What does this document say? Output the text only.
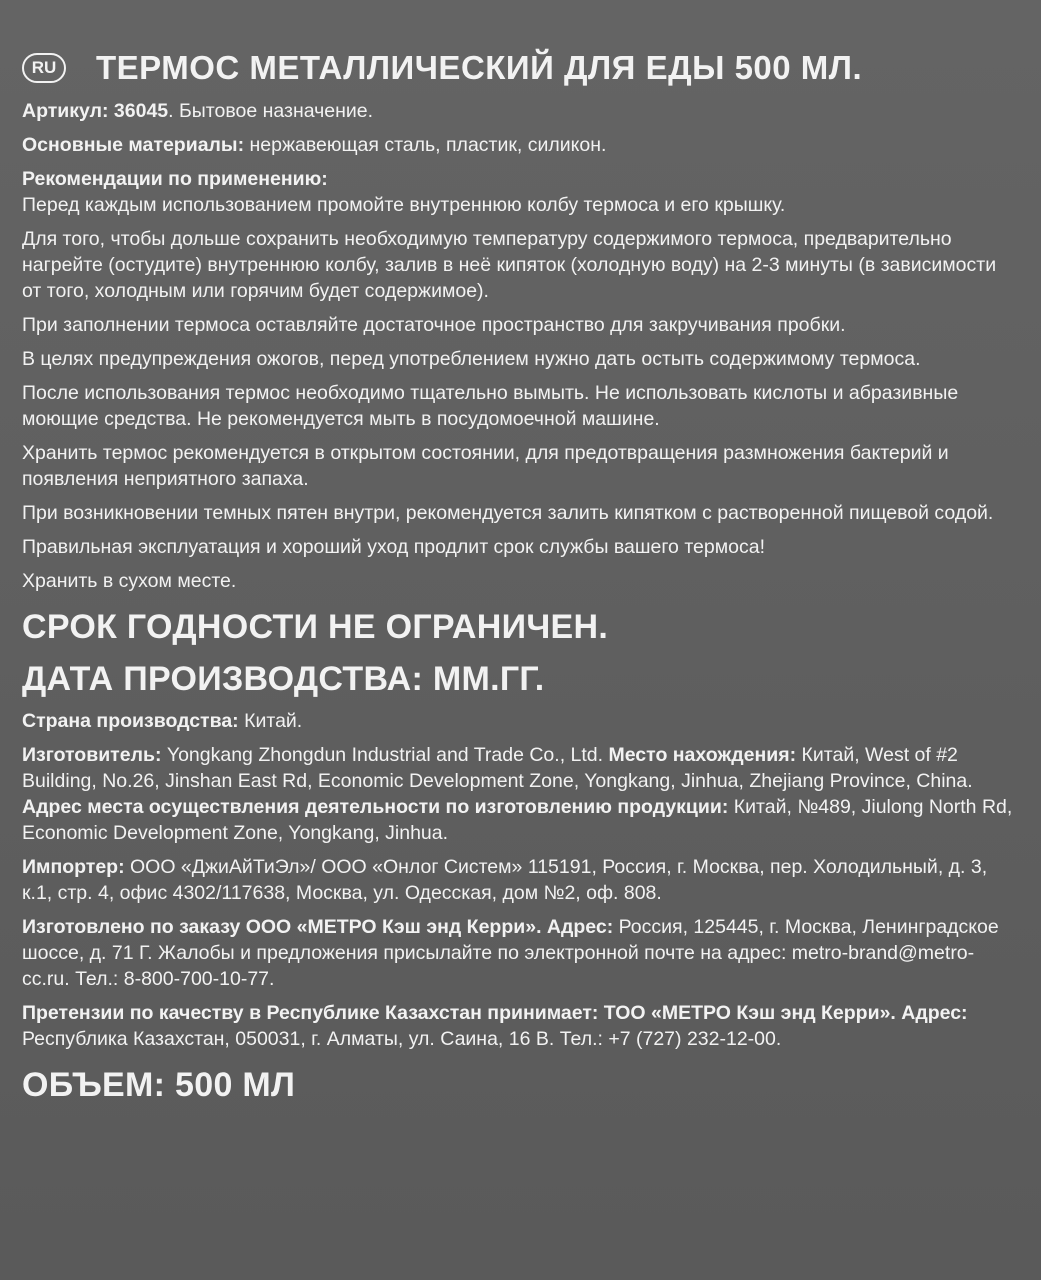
RU ТЕРМОС МЕТАЛЛИЧЕСКИЙ ДЛЯ ЕДЫ 500 МЛ.

Артикул: 36045. Бытовое назначение.

Основные материалы: нержавеющая сталь, пластик, силикон.

Рекомендации по применению:

Перед каждым использованием промойте внутреннюю колбу термоса и его крышку.

Для того, чтобы дольше сохранить необходимую температуру содержимого термоса, предварительно нагрейте (остудите) внутреннюю колбу, залив в неё кипяток (холодную воду) на 2-3 минуты (в зависимости от того, холодным или горячим будет содержимое).

При заполнении термоса оставляйте достаточное пространство для закручивания пробки.

В целях предупреждения ожогов, перед употреблением нужно дать остыть содержимому термоса.

После использования термос необходимо тщательно вымыть. Не использовать кислоты и абразивные моющие средства. Не рекомендуется мыть в посудомоечной машине.

Хранить термос рекомендуется в открытом состоянии, для предотвращения размножения бактерий и появления неприятного запаха.

При возникновении темных пятен внутри, рекомендуется залить кипятком с растворенной пищевой содой.

Правильная эксплуатация и хороший уход продлит срок службы вашего термоса!

Хранить в сухом месте.

СРОК ГОДНОСТИ НЕ ОГРАНИЧЕН.
ДАТА ПРОИЗВОДСТВА: ММ.ГГ.

Страна производства: Китай.

Изготовитель: Yongkang Zhongdun Industrial and Trade Co., Ltd. Место нахождения: Китай, West of #2 Building, No.26, Jinshan East Rd, Economic Development Zone, Yongkang, Jinhua, Zhejiang Province, China. Адрес места осуществления деятельности по изготовлению продукции: Китай, №489, Jiulong North Rd, Economic Development Zone, Yongkang, Jinhua.

Импортер: ООО «ДжиАйТиЭл»/ ООО «Онлог Систем» 115191, Россия, г. Москва, пер. Холодильный, д. 3, к.1, стр. 4, офис 4302/117638, Москва, ул. Одесская, дом №2, оф. 808.

Изготовлено по заказу ООО «МЕТРО Кэш энд Керри». Адрес: Россия, 125445, г. Москва, Ленинградское шоссе, д. 71 Г. Жалобы и предложения присылайте по электронной почте на адрес: metro-brand@metro-cc.ru. Тел.: 8-800-700-10-77.

Претензии по качеству в Республике Казахстан принимает: ТОО «МЕТРО Кэш энд Керри». Адрес: Республика Казахстан, 050031, г. Алматы, ул. Саина, 16 В. Тел.: +7 (727) 232-12-00.

ОБЪЕМ: 500 МЛ
